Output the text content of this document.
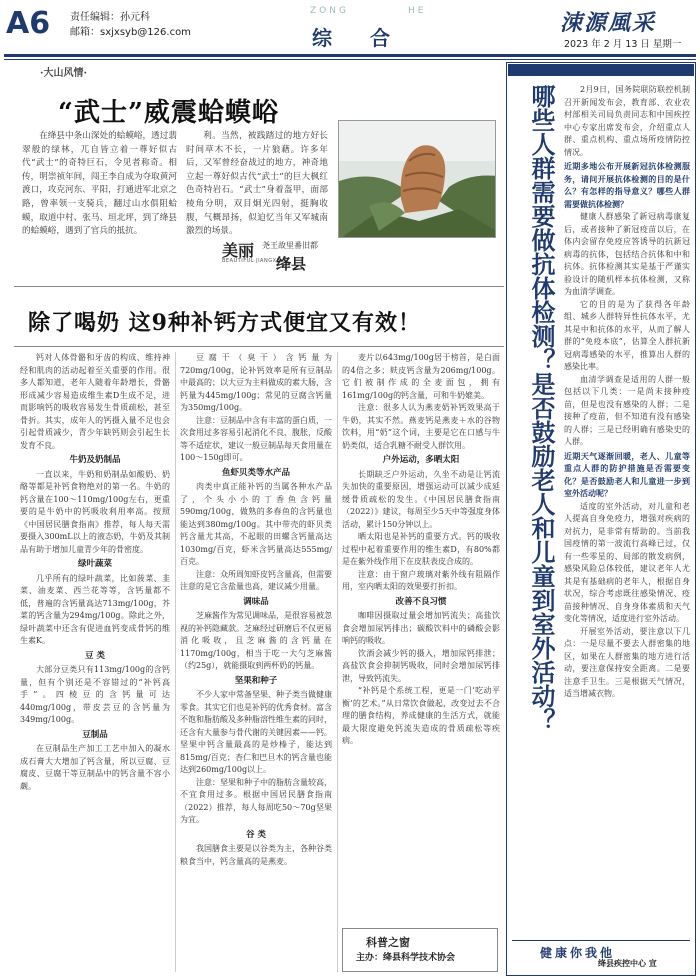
A6 责任编辑：孙元科
邮箱：sxjxsyb@126.com
ZONG	HE
综 合
涑源風采
2023 年 2 月 13 日 星期一
·大山风情·
“武士”威震蛤蟆峪
在绛县中条山深处的蛤蟆峪，透过翡翠般的绿林，兀自皆立着一尊好似古代“武士”的奇特巨石，令见者称奇。相传，明崇祯年间，闯王李自成为夺取黄河渡口，攻克河东、平阳，打通进军北京之路，曾率领一支骑兵，翻过山水俱阻蛤蟆，取道中村、张马、垣北坪，到了绛县的蛤蟆峪，遇到了官兵的抵抗。
利。当然，被践踏过的地方好长时间草木不长，一片狼藉。许多年后，又军曾经奋战过的地方，神奇地立起一尊好似古代“武士”的巨大枫红色奇特岩石。“武士”身着盔甲，面部棱角分明，双目炯光四射，挺胸收腹，气概昂扬，似迫忆当年又军城南激烈的场景。
美丽
BEAUTIFUL JIANGXIAN
尧王故里番旧都
绛县
除了喝奶 这9种补钙方式便宜又有效！

钙对人体骨骼和牙齿的构成、维持神经和肌肉的活动起着至关重要的作用。很多人都知道，老年人随着年龄增长，骨骼形成减少容易造成维生素D生成不足，进而影响钙的吸收容易发生骨质疏松，甚至骨折。其实，成年人的钙摄入量不足也会引起骨质减少，青少年缺钙则会引起生长发育不良。

牛奶及奶制品

一直以来，牛奶和奶制品如酸奶、奶酪等都是补钙食物绝对的第一名。牛奶的钙含量在100～110mg/100g左右，更重要的是牛奶中的钙吸收利用率高。按照《中国居民膳食指南》推荐，每人每天需要摄入300mL以上的液态奶，牛奶及其制品有助于增加儿童青少年的骨密度。

绿叶蔬菜

几乎所有的绿叶蔬菜，比如菠菜、韭菜、油麦菜、西兰花等等，含钙量都不低，普遍的含钙量高达713mg/100g，芥菜的钙含量为294mg/100g。除此之外，绿叶蔬菜中还含有促进血钙变成骨钙的维生素K。

豆 类

大部分豆类只有113mg/100g的含钙量，但有个别还是不容错过的“补钙高手”。四棱豆的含钙量可达440mg/100g，带皮芸豆的含钙量为349mg/100g。

豆制品

在豆制品生产加工工艺中加入的凝水成石膏大大增加了钙含量，所以豆腐、豆腐皮、豆腐干等豆制品中的钙含量不容小觑。

豆腐干（臭干）含钙量为720mg/100g，论补钙效率是所有豆制品中最高的；以大豆为主料做成的素大肠，含钙量为445mg/100g；常见的豆腐含钙量为350mg/100g。

注意：豆制品中含有丰富的蛋白质，一次食用过多容易引起消化不良、腹胀，反酸等不适症状，建议一般豆制品每天食用量在100～150g即可。

鱼虾贝类等水产品

肉类中真正能补钙的当属各种水产品了，个头小小的丁香鱼含钙量590mg/100g，做熟的多春鱼的含钙量也能达到380mg/100g。其中带壳的虾贝类钙含量尤其高，不起眼的田螺含钙量高达1030mg/百克，虾米含钙量高达555mg/百克。

注意：众所周知虾皮钙含量高，但需要注意的是它含盐量也高，建议减少用量。

调味品

芝麻酱作为常见调味品，是很容易被忽视的补钙隐藏款。芝麻经过研磨后不仅更易消化吸收，且芝麻酱的含钙量在1170mg/100g，相当于吃一大勺芝麻酱（约25g），就能摄取到两杯奶的钙量。

坚果和种子

不少人家中常备坚果、种子类当做健康零食。其实它们也是补钙的优秀食材。富含不饱和脂肪酸及多种脂溶性维生素的同时，还含有大量参与骨代谢的关键因素——钙。坚果中钙含量最高的是炒榛子，能达到815mg/百克；杏仁和巴旦木的钙含量也能达到260mg/100g以上。

注意：坚果和种子中的脂肪含量较高，不宜食用过多。根据中国居民膳食指南（2022）推荐，每人每周吃50～70g坚果为宜。

谷 类

我国膳食主要是以谷类为主，各种谷类粮食当中，钙含量高的是燕麦。

麦片以643mg/100g居于榜首，是白面的4倍之多；麸皮钙含量为206mg/100g。它们被制作成的全麦面包，拥有161mg/100g的钙含量，可和牛奶媲美。

注意：很多人认为燕麦奶补钙效果高于牛奶，其实不然。燕麦钙是燕麦＋水的谷物饮料，用“奶”这个词，主要是它在口感与牛奶类似，适合乳糖不耐受人群饮用。

户外运动，多晒太阳

长期缺乏户外运动，久坐不动是让钙流失加快的重要原因，增强运动可以减少成延缓骨质疏松的发生。《中国居民膳食指南（2022）》建议，每周至少5天中等强度身体活动，累计150分钟以上。

晒太阳也是补钙的重要方式。钙的吸收过程中起着重要作用的维生素D，有80%都是在紫外线作用下在皮肤表皮合成的。

注意：由于窗户玻璃对紫外线有阻隔作用，室内晒太阳的效果要打折扣。

改善不良习惯

咖啡因摄取过量会增加钙流失；高盐饮食会增加尿钙排出；碳酸饮料中的磷酸会影响钙的吸收。

饮酒会减少钙的摄入，增加尿钙排泄；高盐饮食会抑制钙吸收，同时会增加尿钙排泄，导致钙流失。

“补钙是个系统工程，更是一门‘吃动平衡’的艺术。”从日常饮食做起，改变过去不合理的膳食结构，养成健康的生活方式，就能最大限度避免钙流失造成的骨质疏松等疾病。

科普之窗
主办：绛县科学技术协会
哪些人群需要做抗体检测？是否鼓励老人和儿童到室外活动？	2月9日，国务院联防联控机制召开新闻发布会，教育部、农业农村部相关司局负责同志和中国疾控中心专家出席发布会，介绍重点人群、重点机构、重点场所疫情防控情况。

近期多地公布开展新冠抗体检测服务，请问开展抗体检测的目的是什么？有怎样的指导意义？哪些人群需要做抗体检测？

健康人群感染了新冠病毒康复后，或者接种了新冠疫苗以后，在体内会留存免疫应答诱导的抗新冠病毒的抗体，包括结合抗体和中和抗体。抗体检测其实是基于严谨实验设计的随机样本抗体检测，又称为血清学调查。

它的目的是为了获得各年龄组、城乡人群特异性抗体水平，尤其是中和抗体的水平，从而了解人群的“免疫本底”，估算全人群抗新冠病毒感染的水平，推算出人群的感染比率。

血清学调查是适用的人群一般包括以下几类：一是尚未接种疫苗，但是也没有感染的人群；二是接种了疫苗，但不知道有没有感染的人群；三是已经明确有感染史的人群。

近期天气逐渐回暖，老人、儿童等重点人群的防护措施是否需要变化？是否鼓励老人和儿童进一步到室外活动呢？

适度的室外活动，对儿童和老人提高自身免疫力，增强对疾病的对抗力，是非常有帮助的。当前我国疫情的第一波流行高峰已过，仅有一些零星的、局部的散发病例，感染风险总体较低，建议老年人尤其是有基础病的老年人，根据自身状况，综合考虑既往感染情况、疫苗接种情况、自身身体素质和天气变化等情况，适度进行室外活动。

开展室外活动，要注意以下几点：一是尽量不要去人群密集的地区，如果在人群密集的地方进行活动，要注意保持安全距离。二是要注意手卫生。三是根据天气情况，适当增减衣物。

健康你我他
绛县疾控中心 宣
